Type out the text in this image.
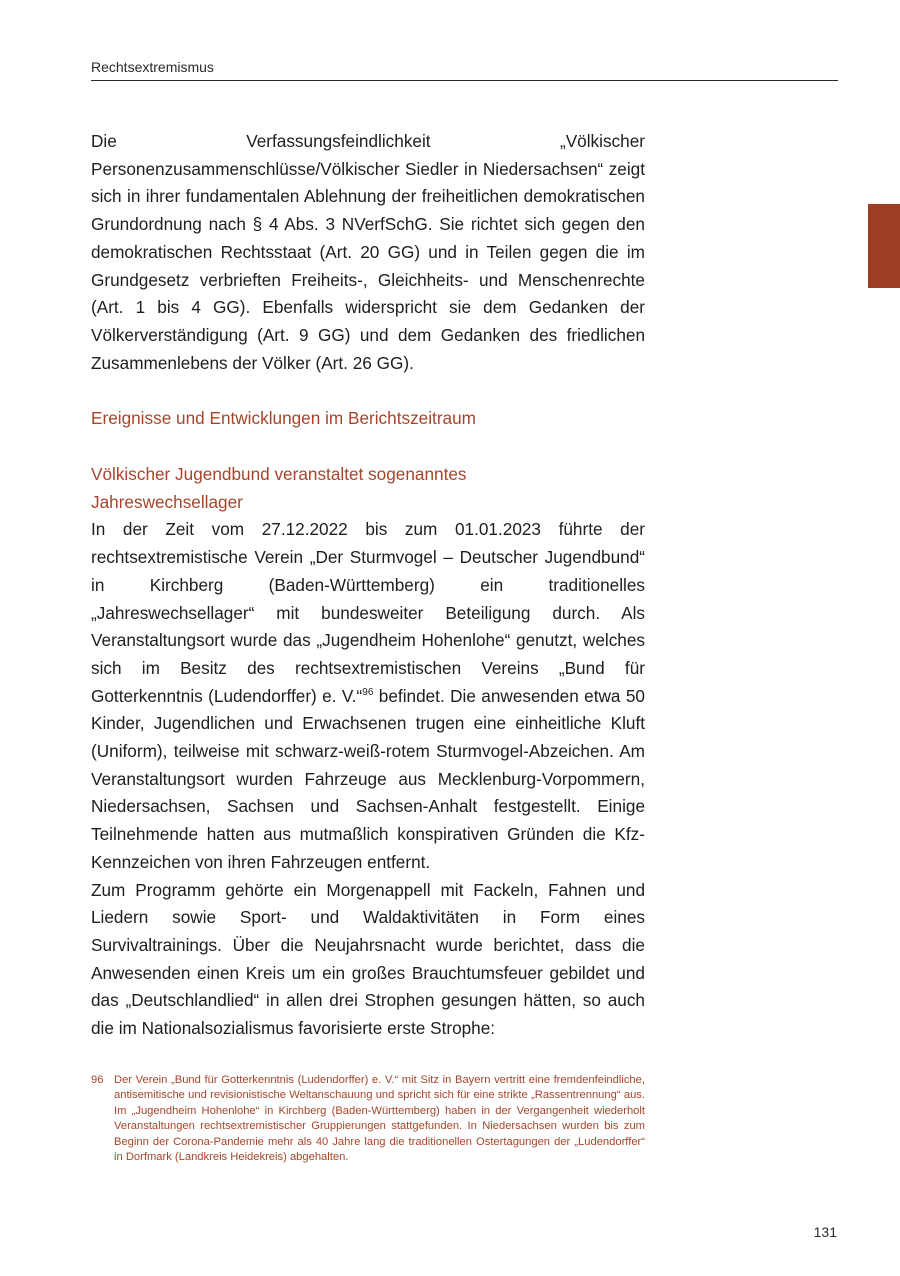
Rechtsextremismus

Die Verfassungsfeindlichkeit „Völkischer Personenzusammenschlüsse/Völkischer Siedler in Niedersachsen“ zeigt sich in ihrer fundamentalen Ablehnung der freiheitlichen demokratischen Grundordnung nach § 4 Abs. 3 NVerfSchG. Sie richtet sich gegen den demokratischen Rechtsstaat (Art. 20 GG) und in Teilen gegen die im Grundgesetz verbrieften Freiheits-, Gleichheits- und Menschenrechte (Art. 1 bis 4 GG). Ebenfalls widerspricht sie dem Gedanken der Völkerverständigung (Art. 9 GG) und dem Gedanken des friedlichen Zusammenlebens der Völker (Art. 26 GG).

Ereignisse und Entwicklungen im Berichtszeitraum
Völkischer Jugendbund veranstaltet sogenanntes
Jahreswechsellager

In der Zeit vom 27.12.2022 bis zum 01.01.2023 führte der rechtsextremistische Verein „Der Sturmvogel – Deutscher Jugendbund“ in Kirchberg (Baden-Württemberg) ein traditionelles „Jahreswechsellager“ mit bundesweiter Beteiligung durch. Als Veranstaltungsort wurde das „Jugendheim Hohenlohe“ genutzt, welches sich im Besitz des rechtsextremistischen Vereins „Bund für Gotterkenntnis (Ludendorffer) e. V.“$^{96}$ befindet. Die anwesenden etwa 50 Kinder, Jugendlichen und Erwachsenen trugen eine einheitliche Kluft (Uniform), teilweise mit schwarz-weiß-rotem Sturmvogel-Abzeichen. Am Veranstaltungsort wurden Fahrzeuge aus Mecklenburg-Vorpommern, Niedersachsen, Sachsen und Sachsen-Anhalt festgestellt. Einige Teilnehmende hatten aus mutmaßlich konspirativen Gründen die Kfz-Kennzeichen von ihren Fahrzeugen entfernt.

Zum Programm gehörte ein Morgenappell mit Fackeln, Fahnen und Liedern sowie Sport- und Waldaktivitäten in Form eines Survivaltrainings. Über die Neujahrsnacht wurde berichtet, dass die Anwesenden einen Kreis um ein großes Brauchtumsfeuer gebildet und das „Deutschlandlied“ in allen drei Strophen gesungen hätten, so auch die im Nationalsozialismus favorisierte erste Strophe:

96 Der Verein „Bund für Gotterkenntnis (Ludendorffer) e. V.“ mit Sitz in Bayern vertritt eine fremdenfeindliche, antisemitische und revisionistische Weltanschauung und spricht sich für eine strikte „Rassentrennung“ aus. Im „Jugendheim Hohenlohe“ in Kirchberg (Baden-Württemberg) haben in der Vergangenheit wiederholt Veranstaltungen rechtsextremistischer Gruppierungen stattgefunden. In Niedersachsen wurden bis zum Beginn der Corona-Pandemie mehr als 40 Jahre lang die traditionellen Ostertagungen der „Ludendorffer“ in Dorfmark (Landkreis Heidekreis) abgehalten.

131
